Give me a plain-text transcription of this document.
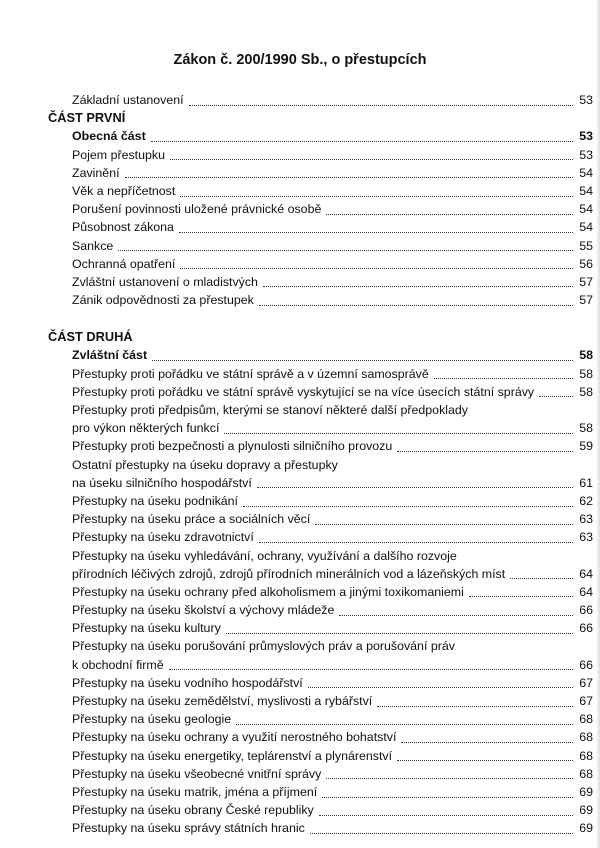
Zákon č. 200/1990 Sb., o přestupcích
Základní ustanovení	53
ČÁST PRVNÍ
Obecná část	53
Pojem přestupku	53
Zavinění	54
Věk a nepříčetnost	54
Porušení povinnosti uložené právnické osobě	54
Působnost zákona	54
Sankce	55
Ochranná opatření	56
Zvláštní ustanovení o mladistvých	57
Zánik odpovědnosti za přestupek	57
ČÁST DRUHÁ
Zvláštní část	58
Přestupky proti pořádku ve státní správě a v územní samosprávě	58
Přestupky proti pořádku ve státní správě vyskytující se na více úsecích státní správy	58
Přestupky proti předpisům, kterými se stanoví některé další předpoklady
pro výkon některých funkcí	58
Přestupky proti bezpečnosti a plynulosti silničního provozu	59
Ostatní přestupky na úseku dopravy a přestupky
na úseku silničního hospodářství	61
Přestupky na úseku podnikání	62
Přestupky na úseku práce a sociálních věcí	63
Přestupky na úseku zdravotnictví	63
Přestupky na úseku vyhledávání, ochrany, využívání a dalšího rozvoje
přírodních léčivých zdrojů, zdrojů přírodních minerálních vod a lázeňských míst	64
Přestupky na úseku ochrany před alkoholismem a jinými toxikomaniemi	64
Přestupky na úseku školství a výchovy mládeže	66
Přestupky na úseku kultury	66
Přestupky na úseku porušování průmyslových práv a porušování práv
k obchodní firmě	66
Přestupky na úseku vodního hospodářství	67
Přestupky na úseku zemědělství, myslivosti a rybářství	67
Přestupky na úseku geologie	68
Přestupky na úseku ochrany a využití nerostného bohatství	68
Přestupky na úseku energetiky, teplárenství a plynárenství	68
Přestupky na úseku všeobecné vnitřní správy	68
Přestupky na úseku matrik, jména a příjmení	69
Přestupky na úseku obrany České republiky	69
Přestupky na úseku správy státních hranic	69
